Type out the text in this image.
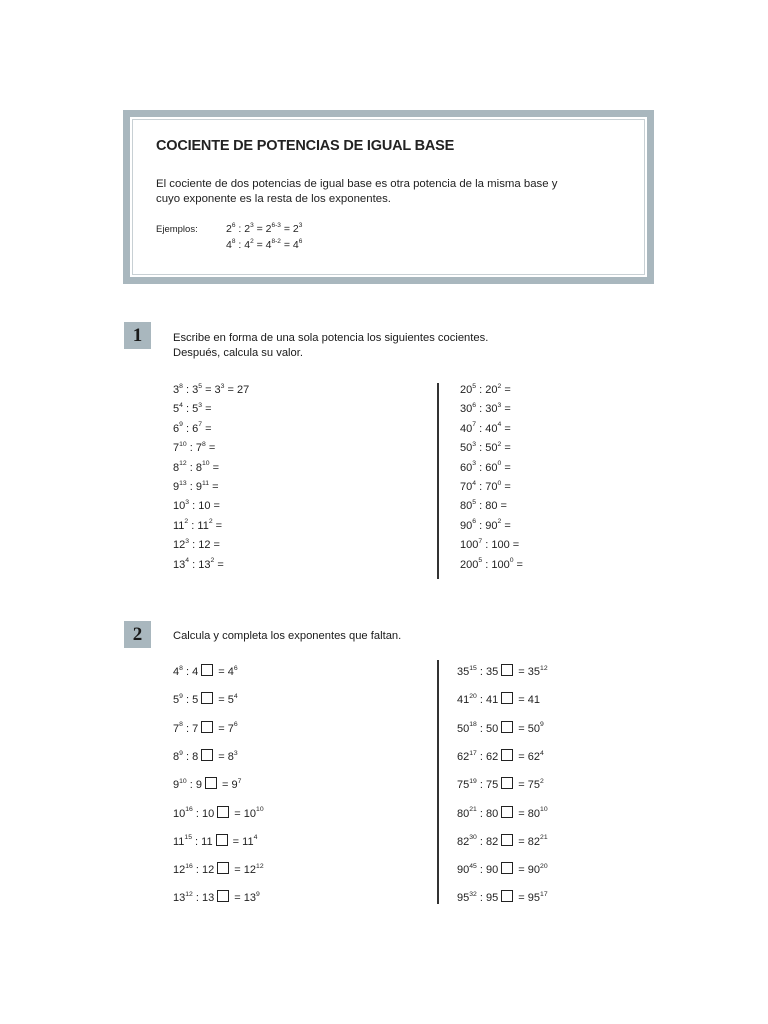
COCIENTE DE POTENCIAS DE IGUAL BASE
El cociente de dos potencias de igual base es otra potencia de la misma base y
cuyo exponente es la resta de los exponentes.
Ejemplos:	$2^6$ : $2^3 = 2^{6-3} = 2^3$
$4^8$ : $4^2 = 4^{8-2} = 4^6$
1	Escribe en forma de una sola potencia los siguientes cocientes.
Después, calcula su valor.
$3^8$ : $3^5 = 3^3 = 27$
$5^4$ : $5^3$ =
$6^9$ : $6^7$ =
$7^{10}$ : $7^8$ =
$8^{12}$ : $8^{10}$ =
$9^{13}$ : $9^{11}$ =
$10^3$ : 10 =
$11^2$ : $11^2$ =
$12^3$ : 12 =
$13^4$ : $13^2$ =
$20^5$ : $20^2$ =
$30^6$ : $30^3$ =
$40^7$ : $40^4$ =
$50^3$ : $50^2$ =
$60^3$ : $60^0$ =
$70^4$ : $70^0$ =
$80^5$ : 80 =
$90^6$ : $90^2$ =
$100^7$ : 100 =
$200^5$ : $100^0$ =
2	Calcula y completa los exponentes que faltan.
$4^8$ : $4 = 4^6$
$5^9$ : $5 = 5^4$
$7^8$ : $7 = 7^6$
$8^9$ : $8 = 8^3$
$9^{10}$ : $9 = 9^7$
$10^{16}$ : $10 = 10^{10}$
$11^{15}$ : $11 = 11^4$
$12^{16}$ : $12 = 12^{12}$
$13^{12}$ : $13 = 13^9$
$35^{15}$ : $35 = 35^{12}$
$41^{20}$ : 41 = 41
$50^{18}$ : $50 = 50^9$
$62^{17}$ : $62 = 62^4$
$75^{19}$ : $75 = 75^2$
$80^{21}$ : $80 = 80^{10}$
$82^{30}$ : $82 = 82^{21}$
$90^{45}$ : $90 = 90^{20}$
$95^{32}$ : $95 = 95^{17}$
